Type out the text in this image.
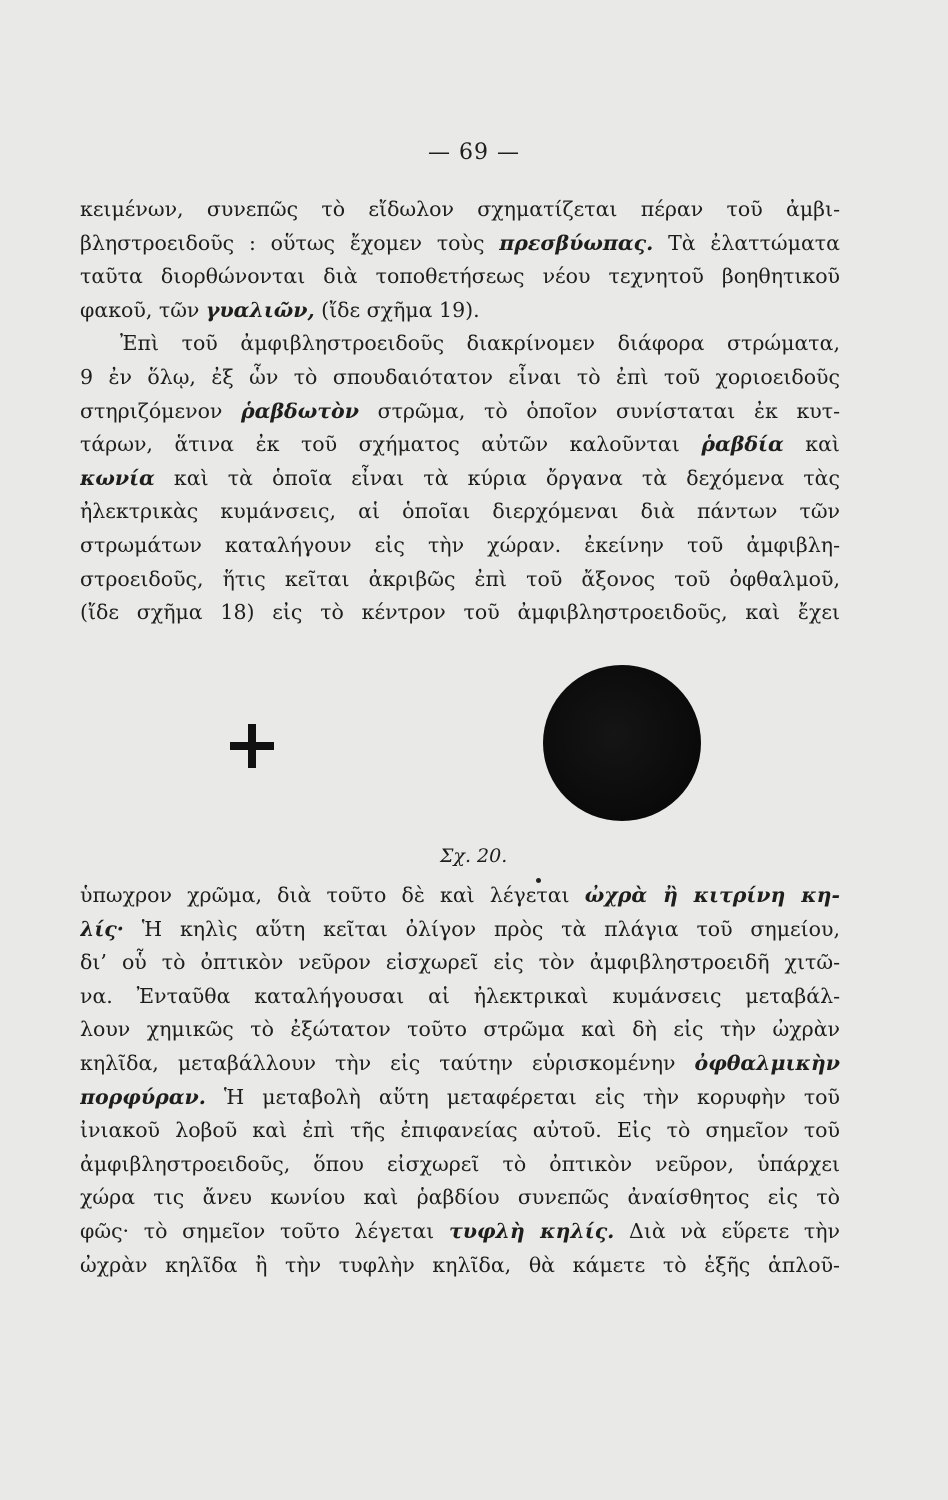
— 69 —
κειμένων, συνεπῶς τὸ εἴδωλον σχηματίζεται πέραν τοῦ ἀμβι-
βληστροειδοῦς : οὕτως ἔχομεν τοὺς πρεσβύωπας. Τὰ ἐλαττώματα
ταῦτα διορθώνονται διὰ τοποθετήσεως νέου τεχνητοῦ βοηθητικοῦ
φακοῦ, τῶν γυαλιῶν, (ἴδε σχῆμα 19).
Ἐπὶ τοῦ ἀμφιβληστροειδοῦς διακρίνομεν διάφορα στρώματα,
9 ἐν ὅλῳ, ἐξ ὧν τὸ σπουδαιότατον εἶναι τὸ ἐπὶ τοῦ χοριοειδοῦς
στηριζόμενον ῥαβδωτὸν στρῶμα, τὸ ὁποῖον συνίσταται ἐκ κυτ-
τάρων, ἅτινα ἐκ τοῦ σχήματος αὐτῶν καλοῦνται ῥαβδία καὶ
κωνία καὶ τὰ ὁποῖα εἶναι τὰ κύρια ὄργανα τὰ δεχόμενα τὰς
ἠλεκτρικὰς κυμάνσεις, αἱ ὁποῖαι διερχόμεναι διὰ πάντων τῶν
στρωμάτων καταλήγουν εἰς τὴν χώραν. ἐκείνην τοῦ ἀμφιβλη-
στροειδοῦς, ἥτις κεῖται ἀκριβῶς ἐπὶ τοῦ ἄξονος τοῦ ὀφθαλμοῦ,
(ἴδε σχῆμα 18) εἰς τὸ κέντρον τοῦ ἀμφιβληστροειδοῦς, καὶ ἔχει
Σχ. 20.
ὑπωχρον χρῶμα, διὰ τοῦτο δὲ καὶ λέγεται ὠχρὰ ἢ κιτρίνη κη-
λίς· Ἡ κηλὶς αὕτη κεῖται ὀλίγον πρὸς τὰ πλάγια τοῦ σημείου,
δι’ οὗ τὸ ὀπτικὸν νεῦρον εἰσχωρεῖ εἰς τὸν ἀμφιβληστροειδῆ χιτῶ-
να. Ἐνταῦθα καταλήγουσαι αἱ ἠλεκτρικαὶ κυμάνσεις μεταβάλ-
λουν χημικῶς τὸ ἐξώτατον τοῦτο στρῶμα καὶ δὴ εἰς τὴν ὠχρὰν
κηλῖδα, μεταβάλλουν τὴν εἰς ταύτην εὑρισκομένην ὀφθαλμικὴν
πορφύραν. Ἡ μεταβολὴ αὕτη μεταφέρεται εἰς τὴν κορυφὴν τοῦ
ἰνιακοῦ λοβοῦ καὶ ἐπὶ τῆς ἐπιφανείας αὐτοῦ. Εἰς τὸ σημεῖον τοῦ
ἀμφιβληστροειδοῦς, ὅπου εἰσχωρεῖ τὸ ὀπτικὸν νεῦρον, ὑπάρχει
χώρα τις ἄνευ κωνίου καὶ ῥαβδίου συνεπῶς ἀναίσθητος εἰς τὸ
φῶς· τὸ σημεῖον τοῦτο λέγεται τυφλὴ κηλίς. Διὰ νὰ εὕρετε τὴν
ὠχρὰν κηλῖδα ἢ τὴν τυφλὴν κηλῖδα, θὰ κάμετε τὸ ἑξῆς ἁπλοῦ-
